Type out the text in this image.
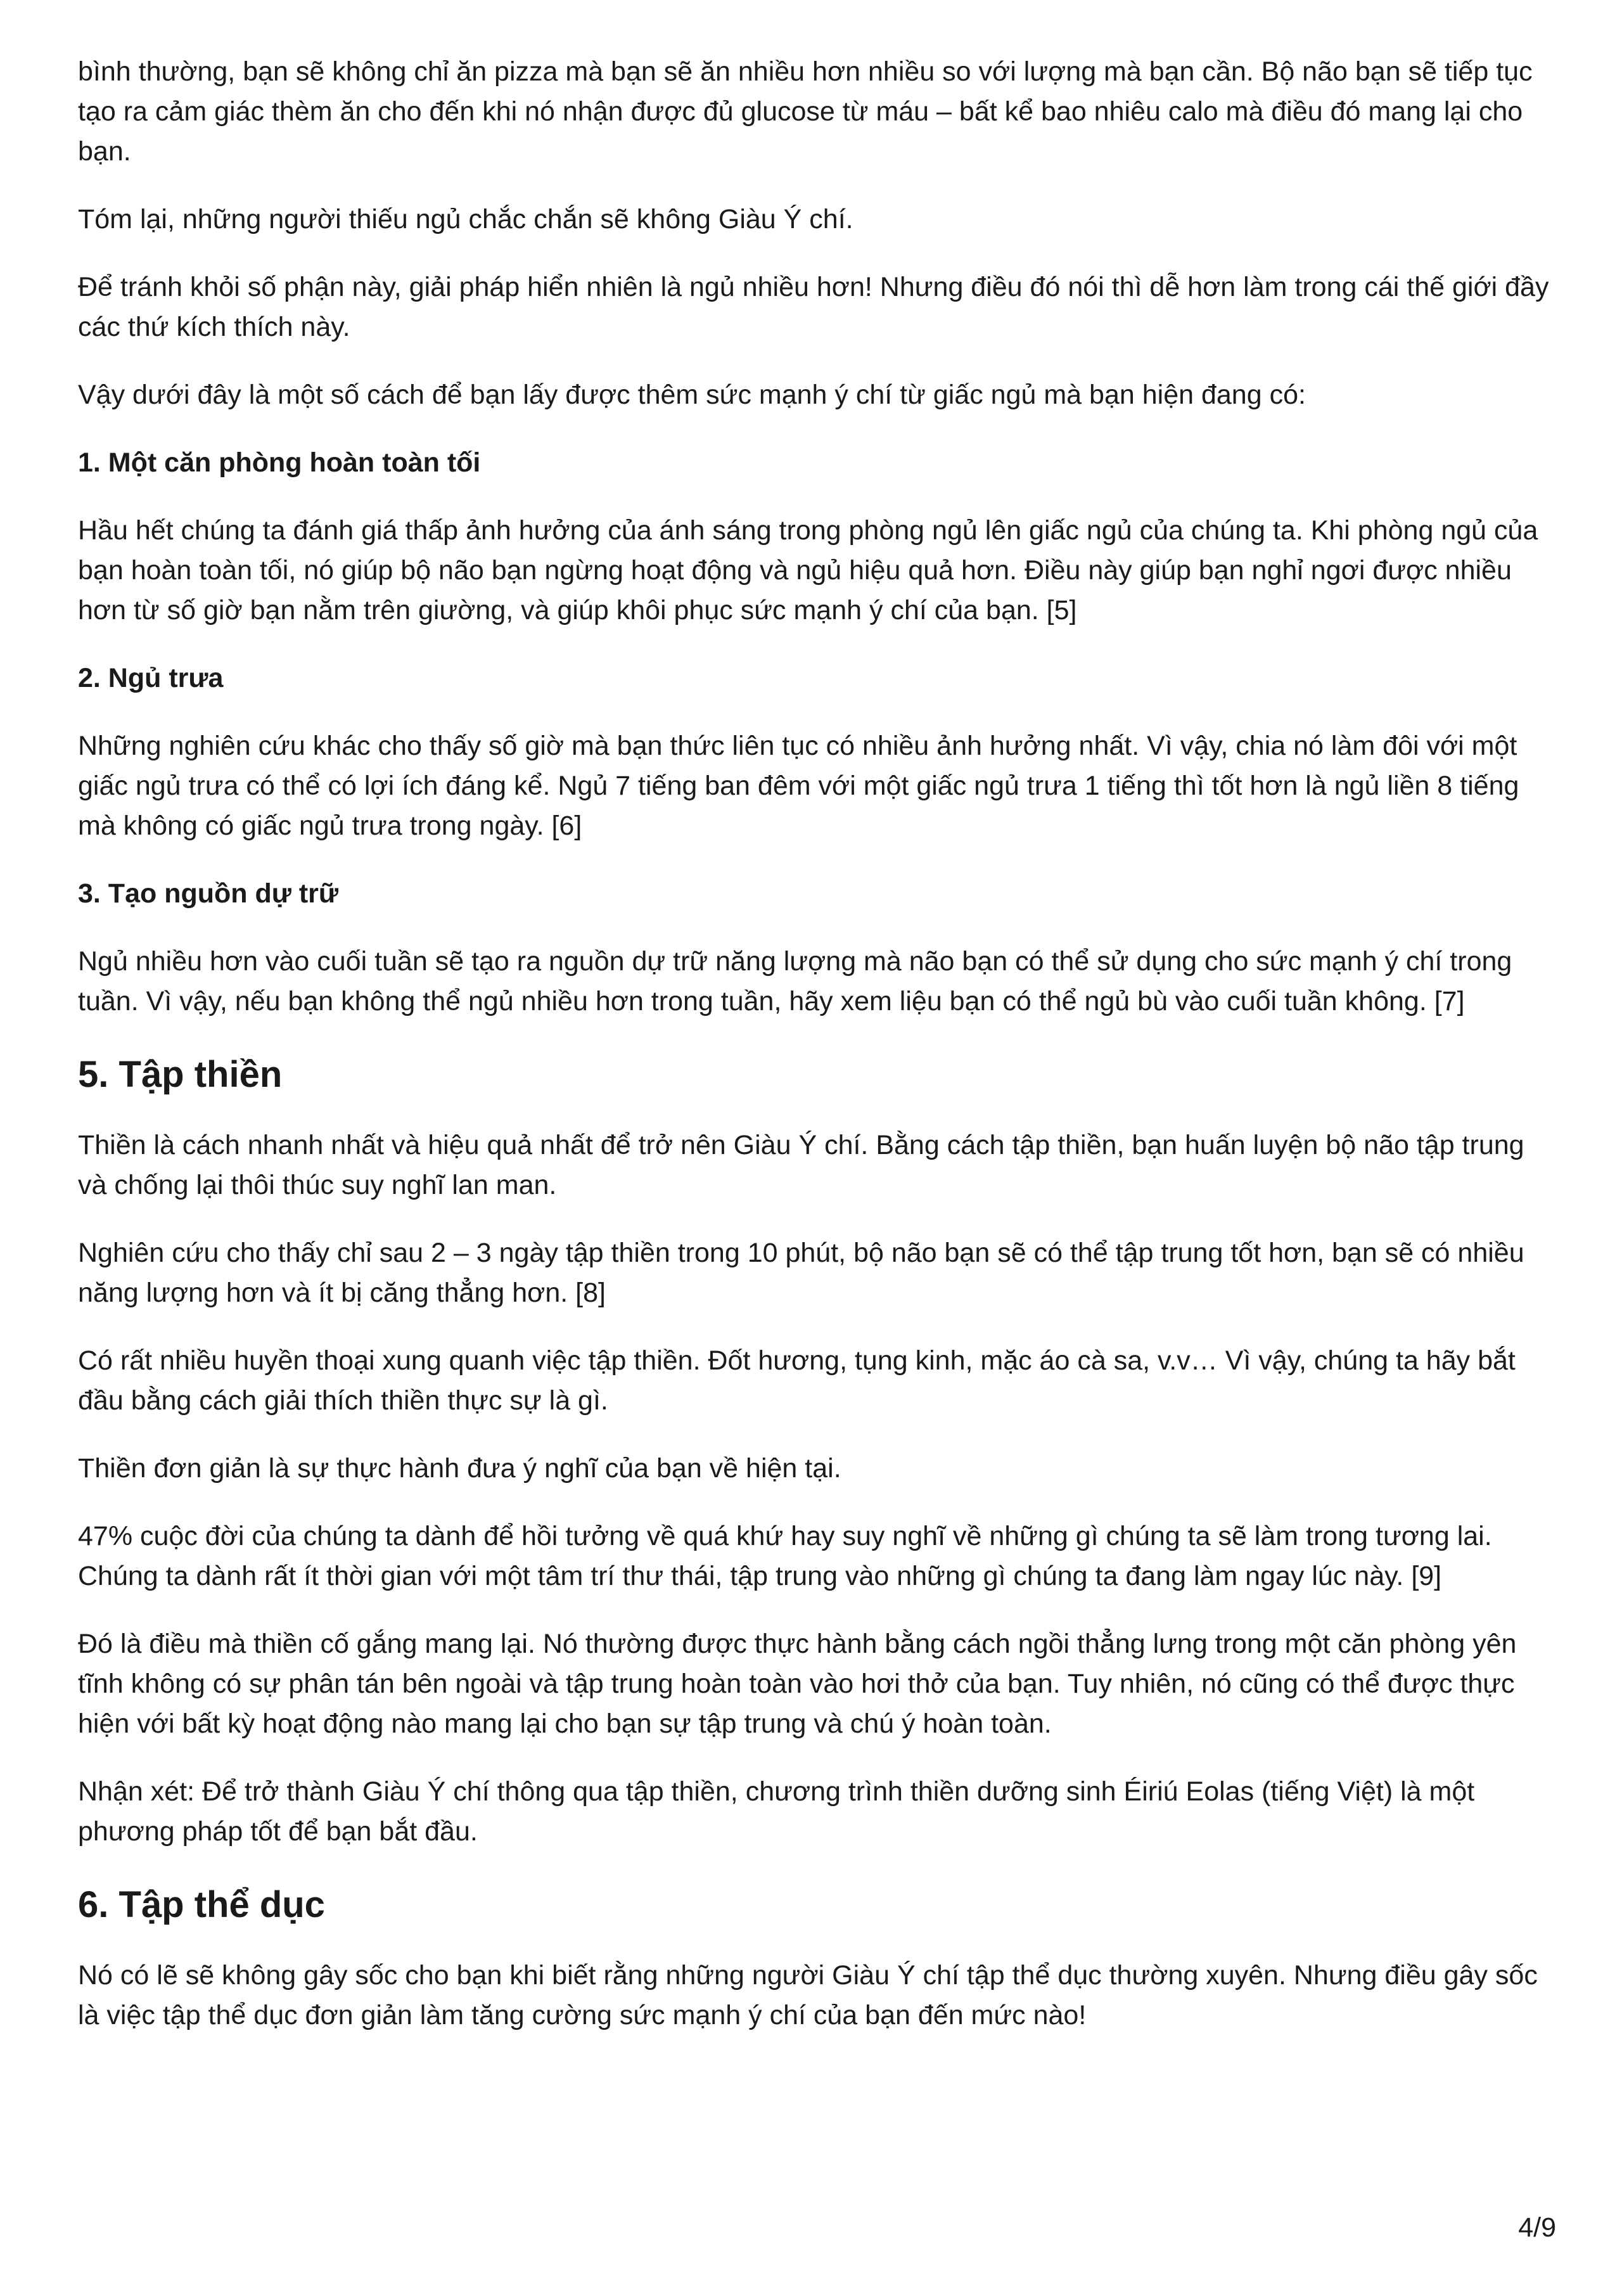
bình thường, bạn sẽ không chỉ ăn pizza mà bạn sẽ ăn nhiều hơn nhiều so với lượng mà bạn cần. Bộ não bạn sẽ tiếp tục tạo ra cảm giác thèm ăn cho đến khi nó nhận được đủ glucose từ máu – bất kể bao nhiêu calo mà điều đó mang lại cho bạn.

Tóm lại, những người thiếu ngủ chắc chắn sẽ không Giàu Ý chí.

Để tránh khỏi số phận này, giải pháp hiển nhiên là ngủ nhiều hơn! Nhưng điều đó nói thì dễ hơn làm trong cái thế giới đầy các thứ kích thích này.

Vậy dưới đây là một số cách để bạn lấy được thêm sức mạnh ý chí từ giấc ngủ mà bạn hiện đang có:

1. Một căn phòng hoàn toàn tối

Hầu hết chúng ta đánh giá thấp ảnh hưởng của ánh sáng trong phòng ngủ lên giấc ngủ của chúng ta. Khi phòng ngủ của bạn hoàn toàn tối, nó giúp bộ não bạn ngừng hoạt động và ngủ hiệu quả hơn. Điều này giúp bạn nghỉ ngơi được nhiều hơn từ số giờ bạn nằm trên giường, và giúp khôi phục sức mạnh ý chí của bạn. [5]

2. Ngủ trưa

Những nghiên cứu khác cho thấy số giờ mà bạn thức liên tục có nhiều ảnh hưởng nhất. Vì vậy, chia nó làm đôi với một giấc ngủ trưa có thể có lợi ích đáng kể. Ngủ 7 tiếng ban đêm với một giấc ngủ trưa 1 tiếng thì tốt hơn là ngủ liền 8 tiếng mà không có giấc ngủ trưa trong ngày. [6]

3. Tạo nguồn dự trữ

Ngủ nhiều hơn vào cuối tuần sẽ tạo ra nguồn dự trữ năng lượng mà não bạn có thể sử dụng cho sức mạnh ý chí trong tuần. Vì vậy, nếu bạn không thể ngủ nhiều hơn trong tuần, hãy xem liệu bạn có thể ngủ bù vào cuối tuần không. [7]

5. Tập thiền

Thiền là cách nhanh nhất và hiệu quả nhất để trở nên Giàu Ý chí. Bằng cách tập thiền, bạn huấn luyện bộ não tập trung và chống lại thôi thúc suy nghĩ lan man.

Nghiên cứu cho thấy chỉ sau 2 – 3 ngày tập thiền trong 10 phút, bộ não bạn sẽ có thể tập trung tốt hơn, bạn sẽ có nhiều năng lượng hơn và ít bị căng thẳng hơn. [8]

Có rất nhiều huyền thoại xung quanh việc tập thiền. Đốt hương, tụng kinh, mặc áo cà sa, v.v… Vì vậy, chúng ta hãy bắt đầu bằng cách giải thích thiền thực sự là gì.

Thiền đơn giản là sự thực hành đưa ý nghĩ của bạn về hiện tại.

47% cuộc đời của chúng ta dành để hồi tưởng về quá khứ hay suy nghĩ về những gì chúng ta sẽ làm trong tương lai. Chúng ta dành rất ít thời gian với một tâm trí thư thái, tập trung vào những gì chúng ta đang làm ngay lúc này. [9]

Đó là điều mà thiền cố gắng mang lại. Nó thường được thực hành bằng cách ngồi thẳng lưng trong một căn phòng yên tĩnh không có sự phân tán bên ngoài và tập trung hoàn toàn vào hơi thở của bạn. Tuy nhiên, nó cũng có thể được thực hiện với bất kỳ hoạt động nào mang lại cho bạn sự tập trung và chú ý hoàn toàn.

Nhận xét: Để trở thành Giàu Ý chí thông qua tập thiền, chương trình thiền dưỡng sinh Éiriú Eolas (tiếng Việt) là một phương pháp tốt để bạn bắt đầu.

6. Tập thể dục

Nó có lẽ sẽ không gây sốc cho bạn khi biết rằng những người Giàu Ý chí tập thể dục thường xuyên. Nhưng điều gây sốc là việc tập thể dục đơn giản làm tăng cường sức mạnh ý chí của bạn đến mức nào!

4/9
